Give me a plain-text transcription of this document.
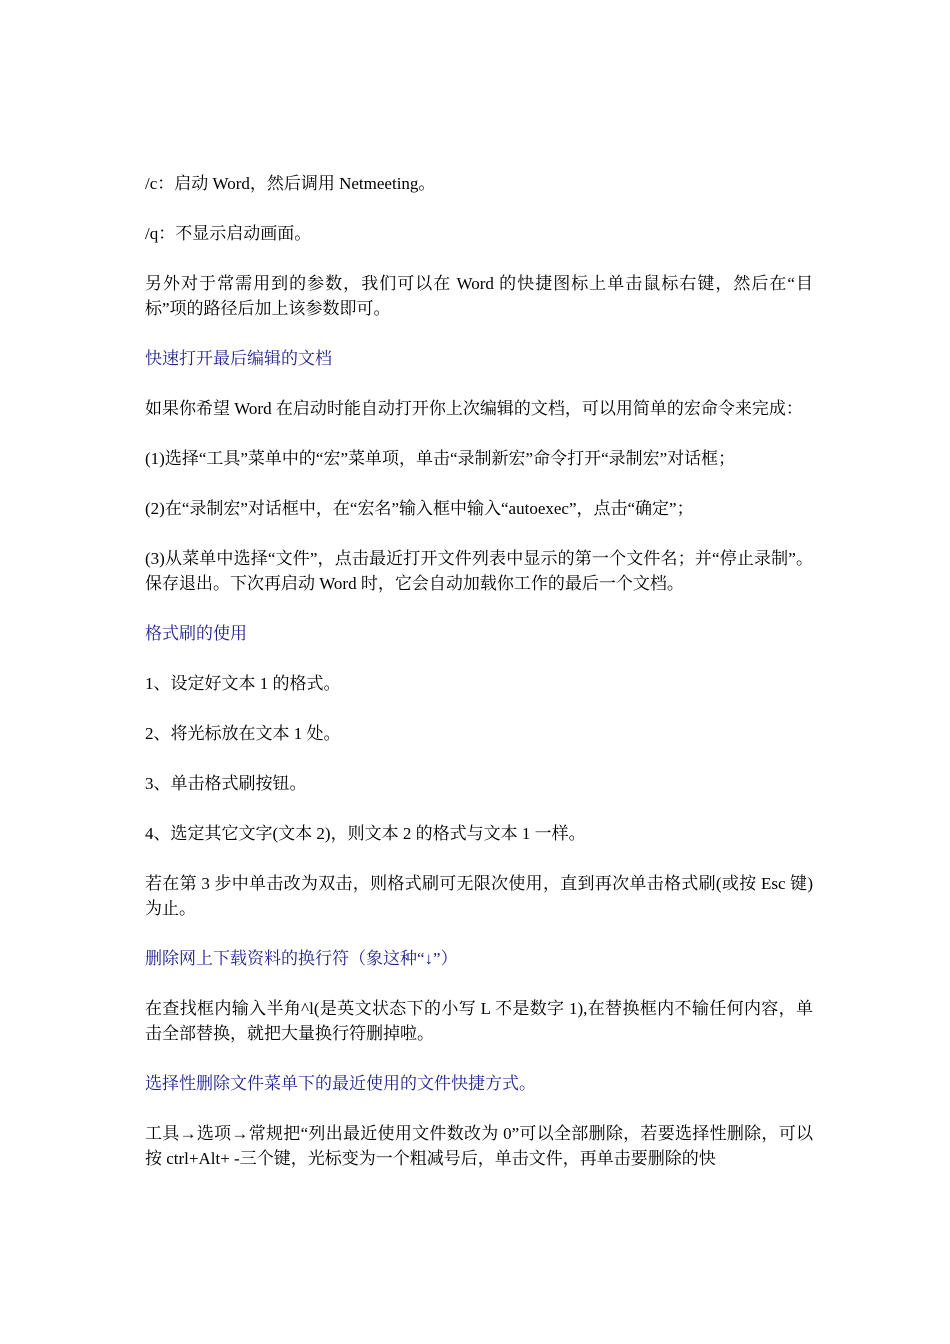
/c：启动 Word，然后调用 Netmeeting。

/q：不显示启动画面。

另外对于常需用到的参数，我们可以在 Word 的快捷图标上单击鼠标右键，然后在“目标”项的路径后加上该参数即可。

快速打开最后编辑的文档

如果你希望 Word 在启动时能自动打开你上次编辑的文档，可以用简单的宏命令来完成：

(1)选择“工具”菜单中的“宏”菜单项，单击“录制新宏”命令打开“录制宏”对话框；

(2)在“录制宏”对话框中，在“宏名”输入框中输入“autoexec”，点击“确定”；

(3)从菜单中选择“文件”，点击最近打开文件列表中显示的第一个文件名；并“停止录制”。保存退出。下次再启动 Word 时，它会自动加载你工作的最后一个文档。

格式刷的使用

1、设定好文本 1 的格式。

2、将光标放在文本 1 处。

3、单击格式刷按钮。

4、选定其它文字(文本 2)，则文本 2 的格式与文本 1 一样。

若在第 3 步中单击改为双击，则格式刷可无限次使用，直到再次单击格式刷(或按 Esc 键)为止。

删除网上下载资料的换行符（象这种“↓”）

在查找框内输入半角^l(是英文状态下的小写 L 不是数字 1),在替换框内不输任何内容，单击全部替换，就把大量换行符删掉啦。

选择性删除文件菜单下的最近使用的文件快捷方式。

工具→选项→常规把“列出最近使用文件数改为 0”可以全部删除，若要选择性删除，可以按 ctrl+Alt+ -三个键，光标变为一个粗减号后，单击文件，再单击要删除的快
